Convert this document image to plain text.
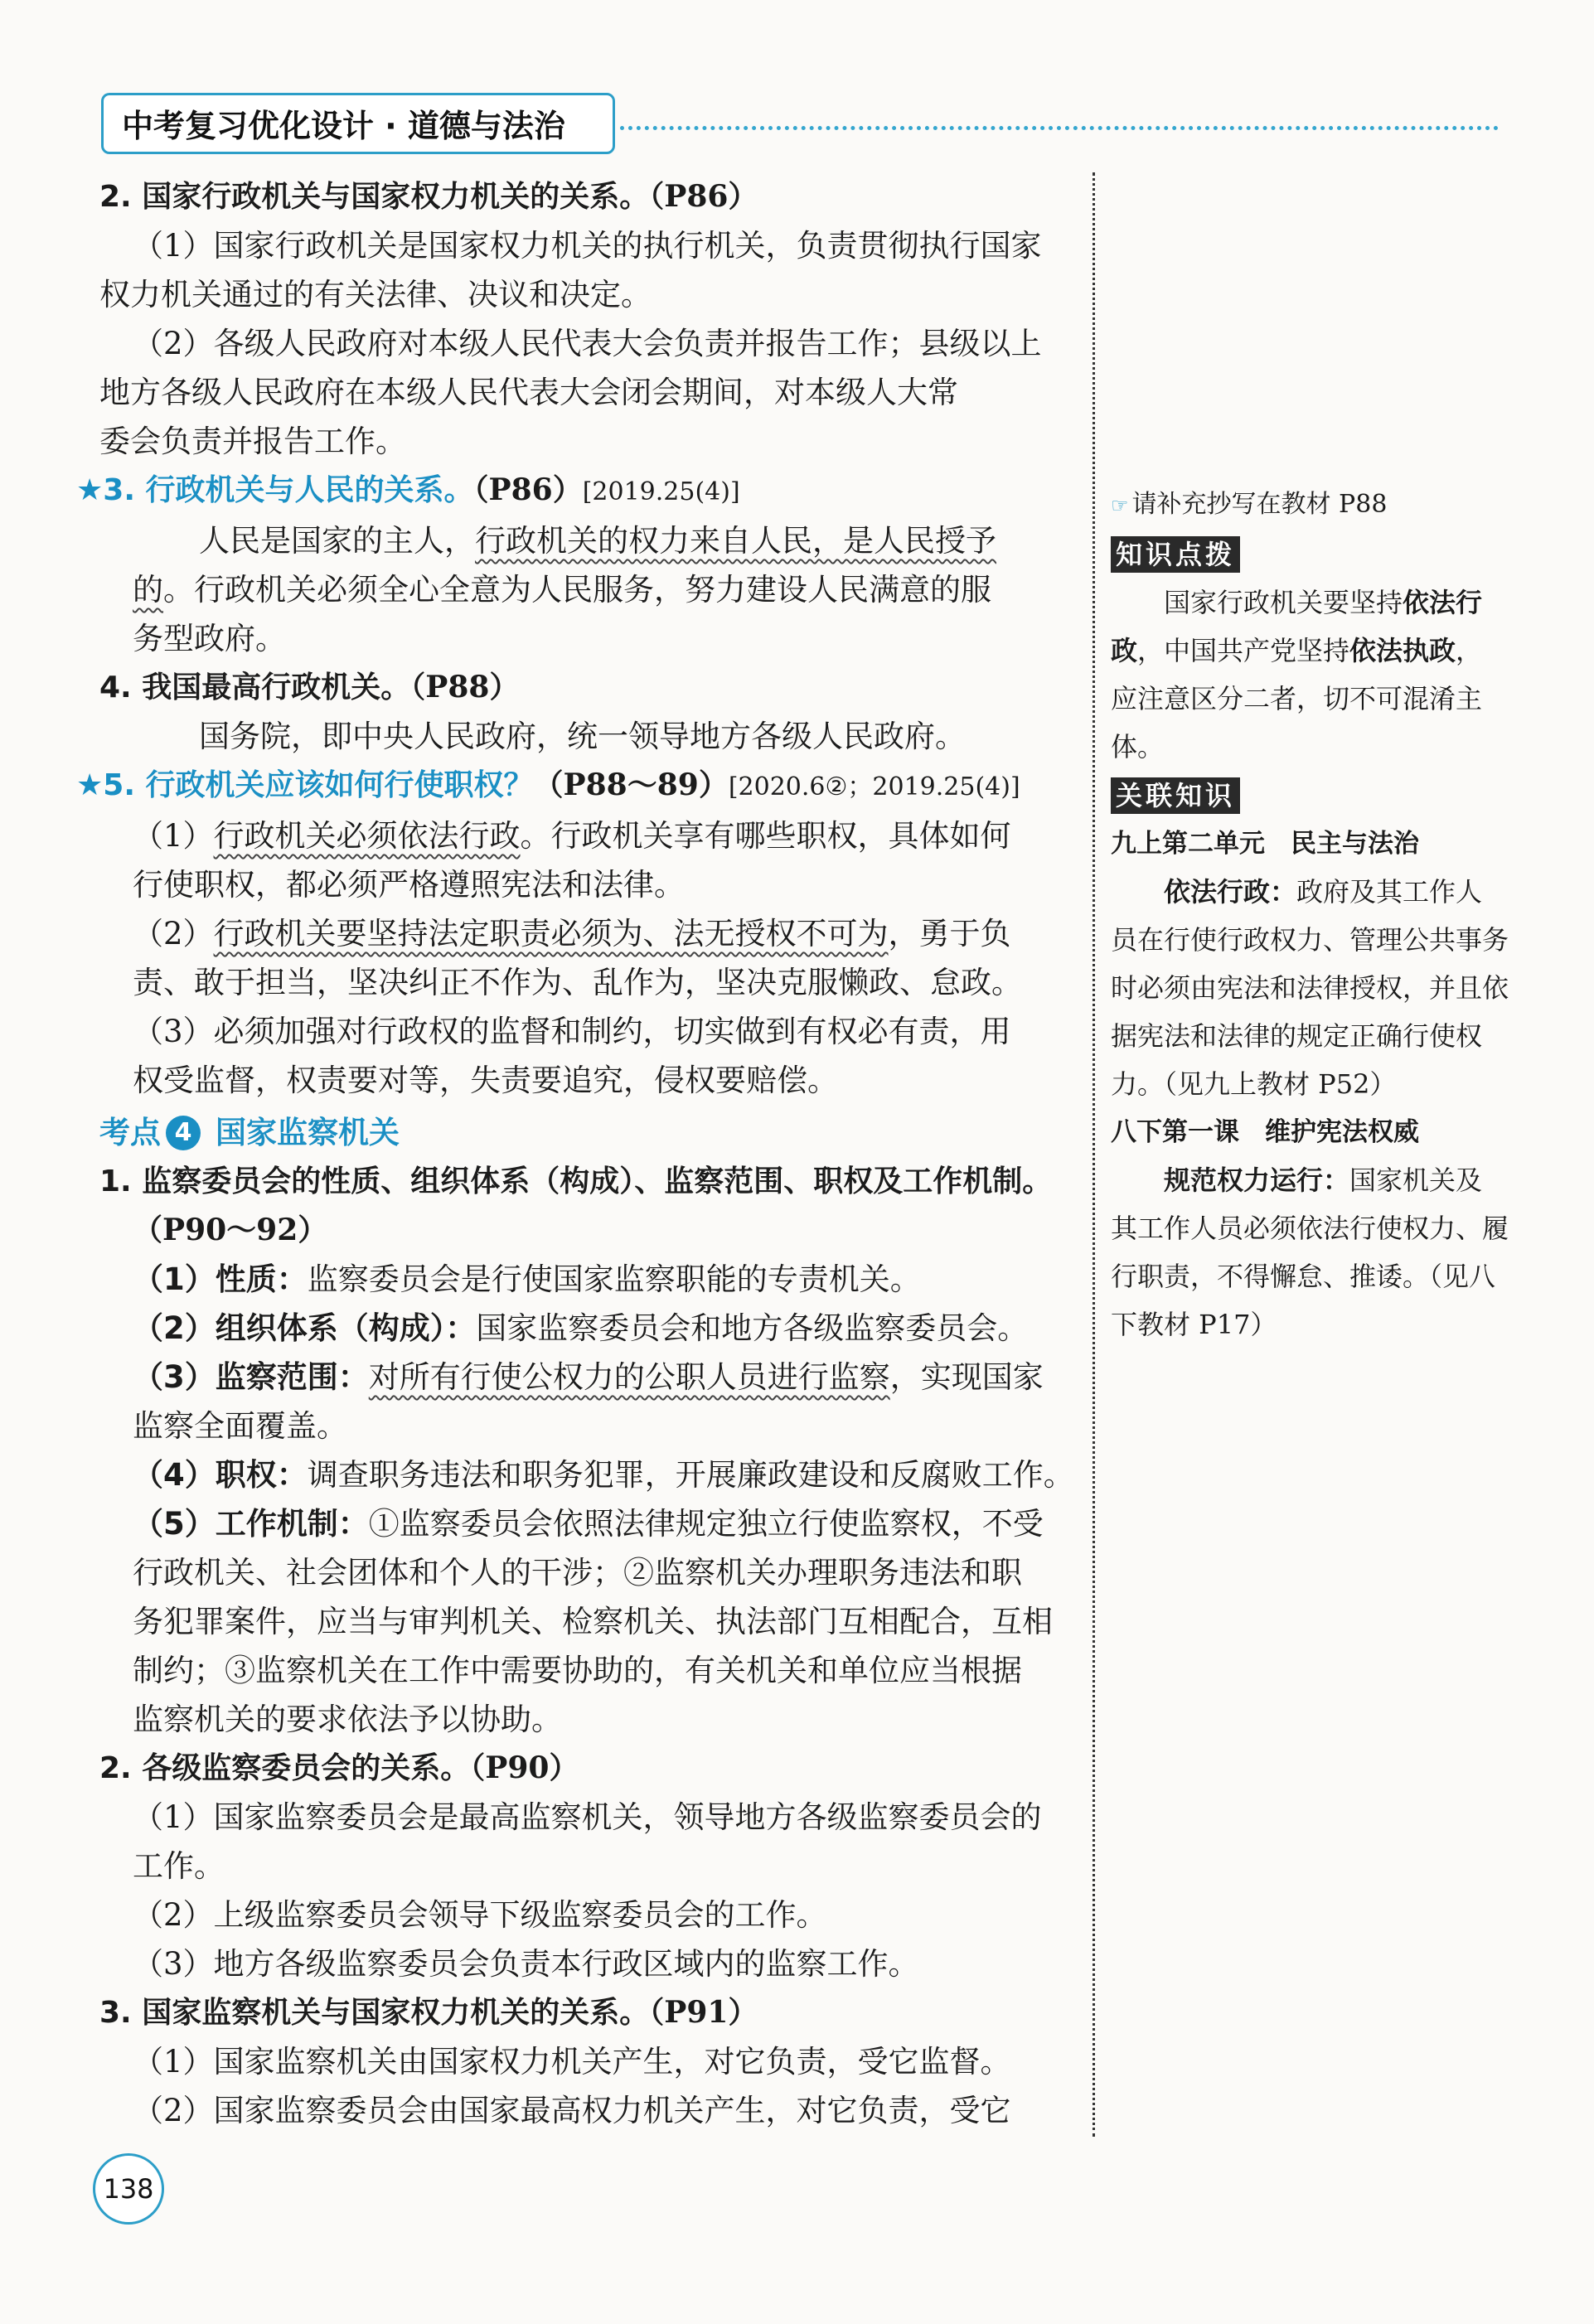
中考复习优化设计 · 道德与法治
2. 国家行政机关与国家权力机关的关系。（P86）
（1）国家行政机关是国家权力机关的执行机关，负责贯彻执行国家
权力机关通过的有关法律、决议和决定。
（2）各级人民政府对本级人民代表大会负责并报告工作；县级以上
地方各级人民政府在本级人民代表大会闭会期间，对本级人大常
委会负责并报告工作。
★3. 行政机关与人民的关系。（P86）[2019.25(4)]
人民是国家的主人，行政机关的权力来自人民，是人民授予
的。行政机关必须全心全意为人民服务，努力建设人民满意的服
务型政府。
4. 我国最高行政机关。（P88）
国务院，即中央人民政府，统一领导地方各级人民政府。
★5. 行政机关应该如何行使职权？（P88～89）[2020.6②；2019.25(4)]
（1）行政机关必须依法行政。行政机关享有哪些职权，具体如何
行使职权，都必须严格遵照宪法和法律。
（2）行政机关要坚持法定职责必须为、法无授权不可为，勇于负
责、敢于担当，坚决纠正不作为、乱作为，坚决克服懒政、怠政。
（3）必须加强对行政权的监督和制约，切实做到有权必有责，用
权受监督，权责要对等，失责要追究，侵权要赔偿。
考点 4 国家监察机关
1. 监察委员会的性质、组织体系（构成）、监察范围、职权及工作机制。
（P90～92）
（1）性质：监察委员会是行使国家监察职能的专责机关。
（2）组织体系（构成）：国家监察委员会和地方各级监察委员会。
（3）监察范围：对所有行使公权力的公职人员进行监察，实现国家
监察全面覆盖。
（4）职权：调查职务违法和职务犯罪，开展廉政建设和反腐败工作。
（5）工作机制：①监察委员会依照法律规定独立行使监察权，不受
行政机关、社会团体和个人的干涉；②监察机关办理职务违法和职
务犯罪案件，应当与审判机关、检察机关、执法部门互相配合，互相
制约；③监察机关在工作中需要协助的，有关机关和单位应当根据
监察机关的要求依法予以协助。
2. 各级监察委员会的关系。（P90）
（1）国家监察委员会是最高监察机关，领导地方各级监察委员会的
工作。
（2）上级监察委员会领导下级监察委员会的工作。
（3）地方各级监察委员会负责本行政区域内的监察工作。
3. 国家监察机关与国家权力机关的关系。（P91）
（1）国家监察机关由国家权力机关产生，对它负责，受它监督。
（2）国家监察委员会由国家最高权力机关产生，对它负责，受它
☞ 请补充抄写在教材 P88
知识点拨
国家行政机关要坚持依法行政，中国共产党坚持依法执政，应注意区分二者，切不可混淆主体。
关联知识
九上第二单元　民主与法治
依法行政：政府及其工作人员在行使行政权力、管理公共事务时必须由宪法和法律授权，并且依据宪法和法律的规定正确行使权力。（见九上教材 P52）
八下第一课　维护宪法权威
规范权力运行：国家机关及其工作人员必须依法行使权力、履行职责，不得懈怠、推诿。（见八下教材 P17）
138
